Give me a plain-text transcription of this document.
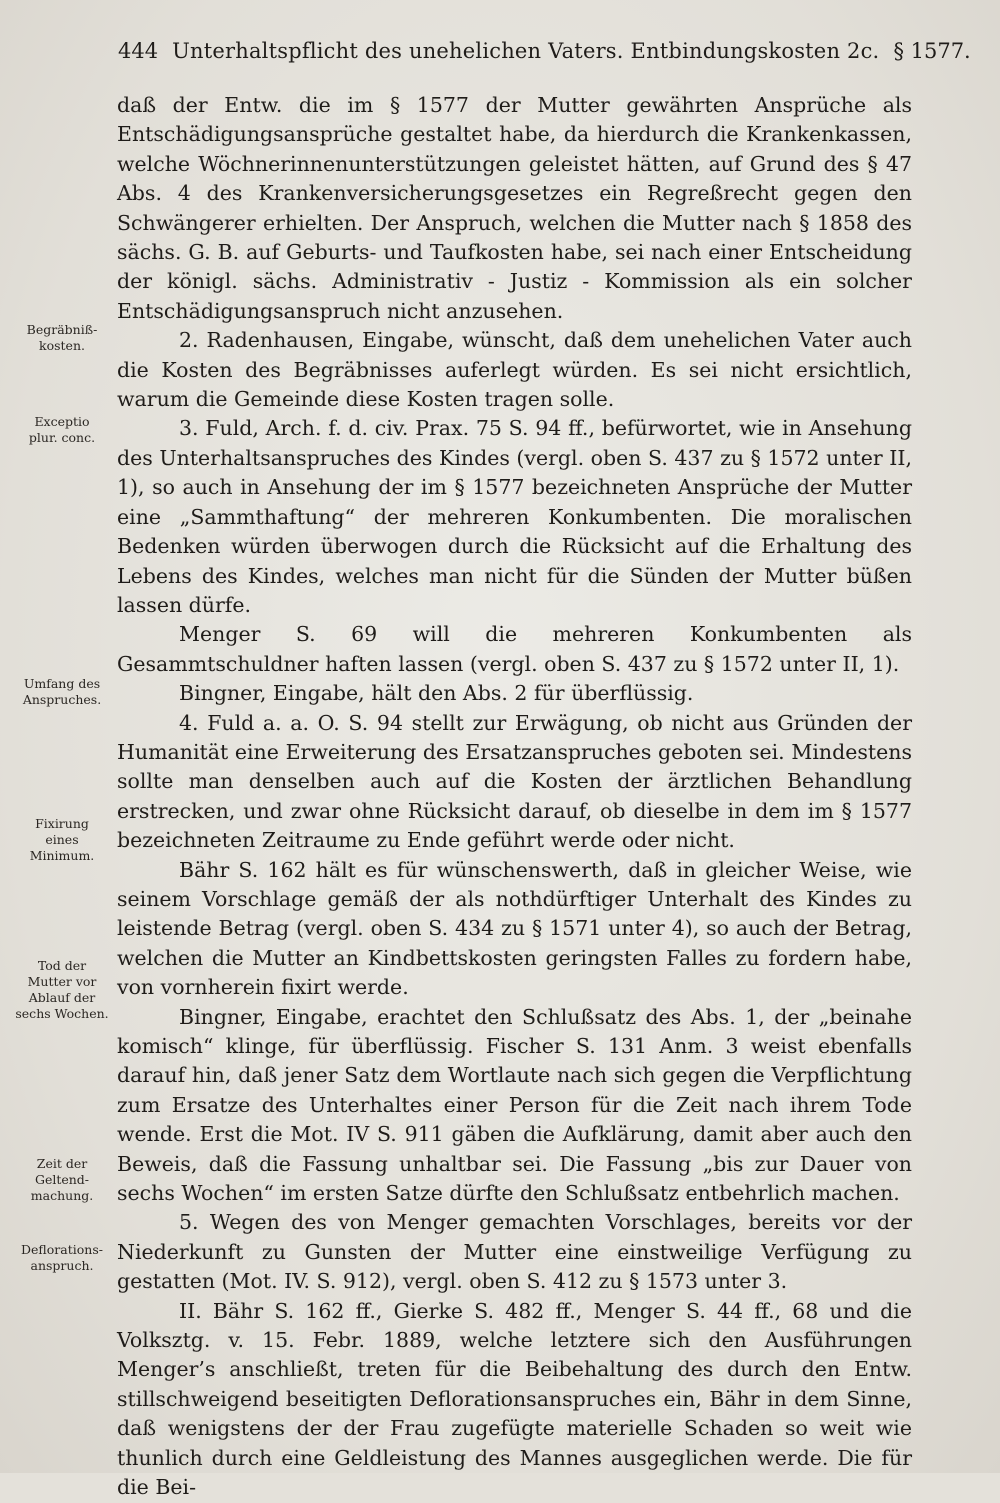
444 Unterhaltspflicht des unehelichen Vaters. Entbindungskosten 2c. § 1577.
Begräbniß-
kosten.
Exceptio
plur. conc.
Umfang des
Anspruches.
Fixirung
eines
Minimum.
Tod der
Mutter vor
Ablauf der
sechs Wochen.
Zeit der
Geltend-
machung.
Deflorations-
anspruch.

daß der Entw. die im § 1577 der Mutter gewährten Ansprüche als Entschädigungsansprüche gestaltet habe, da hierdurch die Krankenkassen, welche Wöchnerinnenunterstützungen geleistet hätten, auf Grund des § 47 Abs. 4 des Krankenversicherungsgesetzes ein Regreßrecht gegen den Schwängerer erhielten. Der Anspruch, welchen die Mutter nach § 1858 des sächs. G. B. auf Geburts- und Taufkosten habe, sei nach einer Entscheidung der königl. sächs. Administrativ - Justiz - Kommission als ein solcher Entschädigungsanspruch nicht anzusehen.

2. Radenhausen, Eingabe, wünscht, daß dem unehelichen Vater auch die Kosten des Begräbnisses auferlegt würden. Es sei nicht ersichtlich, warum die Gemeinde diese Kosten tragen solle.

3. Fuld, Arch. f. d. civ. Prax. 75 S. 94 ff., befürwortet, wie in Ansehung des Unterhaltsanspruches des Kindes (vergl. oben S. 437 zu § 1572 unter II, 1), so auch in Ansehung der im § 1577 bezeichneten Ansprüche der Mutter eine „Sammthaftung“ der mehreren Konkumbenten. Die moralischen Bedenken würden überwogen durch die Rücksicht auf die Erhaltung des Lebens des Kindes, welches man nicht für die Sünden der Mutter büßen lassen dürfe.

Menger S. 69 will die mehreren Konkumbenten als Gesammtschuldner haften lassen (vergl. oben S. 437 zu § 1572 unter II, 1).

Bingner, Eingabe, hält den Abs. 2 für überflüssig.

4. Fuld a. a. O. S. 94 stellt zur Erwägung, ob nicht aus Gründen der Humanität eine Erweiterung des Ersatzanspruches geboten sei. Mindestens sollte man denselben auch auf die Kosten der ärztlichen Behandlung erstrecken, und zwar ohne Rücksicht darauf, ob dieselbe in dem im § 1577 bezeichneten Zeitraume zu Ende geführt werde oder nicht.

Bähr S. 162 hält es für wünschenswerth, daß in gleicher Weise, wie seinem Vorschlage gemäß der als nothdürftiger Unterhalt des Kindes zu leistende Betrag (vergl. oben S. 434 zu § 1571 unter 4), so auch der Betrag, welchen die Mutter an Kindbettskosten geringsten Falles zu fordern habe, von vornherein fixirt werde.

Bingner, Eingabe, erachtet den Schlußsatz des Abs. 1, der „beinahe komisch“ klinge, für überflüssig. Fischer S. 131 Anm. 3 weist ebenfalls darauf hin, daß jener Satz dem Wortlaute nach sich gegen die Verpflichtung zum Ersatze des Unterhaltes einer Person für die Zeit nach ihrem Tode wende. Erst die Mot. IV S. 911 gäben die Aufklärung, damit aber auch den Beweis, daß die Fassung unhaltbar sei. Die Fassung „bis zur Dauer von sechs Wochen“ im ersten Satze dürfte den Schlußsatz entbehrlich machen.

5. Wegen des von Menger gemachten Vorschlages, bereits vor der Niederkunft zu Gunsten der Mutter eine einstweilige Verfügung zu gestatten (Mot. IV. S. 912), vergl. oben S. 412 zu § 1573 unter 3.

II. Bähr S. 162 ff., Gierke S. 482 ff., Menger S. 44 ff., 68 und die Volksztg. v. 15. Febr. 1889, welche letztere sich den Ausführungen Menger’s anschließt, treten für die Beibehaltung des durch den Entw. stillschweigend beseitigten Deflorationsanspruches ein, Bähr in dem Sinne, daß wenigstens der der Frau zugefügte materielle Schaden so weit wie thunlich durch eine Geldleistung des Mannes ausgeglichen werde. Die für die Bei-
